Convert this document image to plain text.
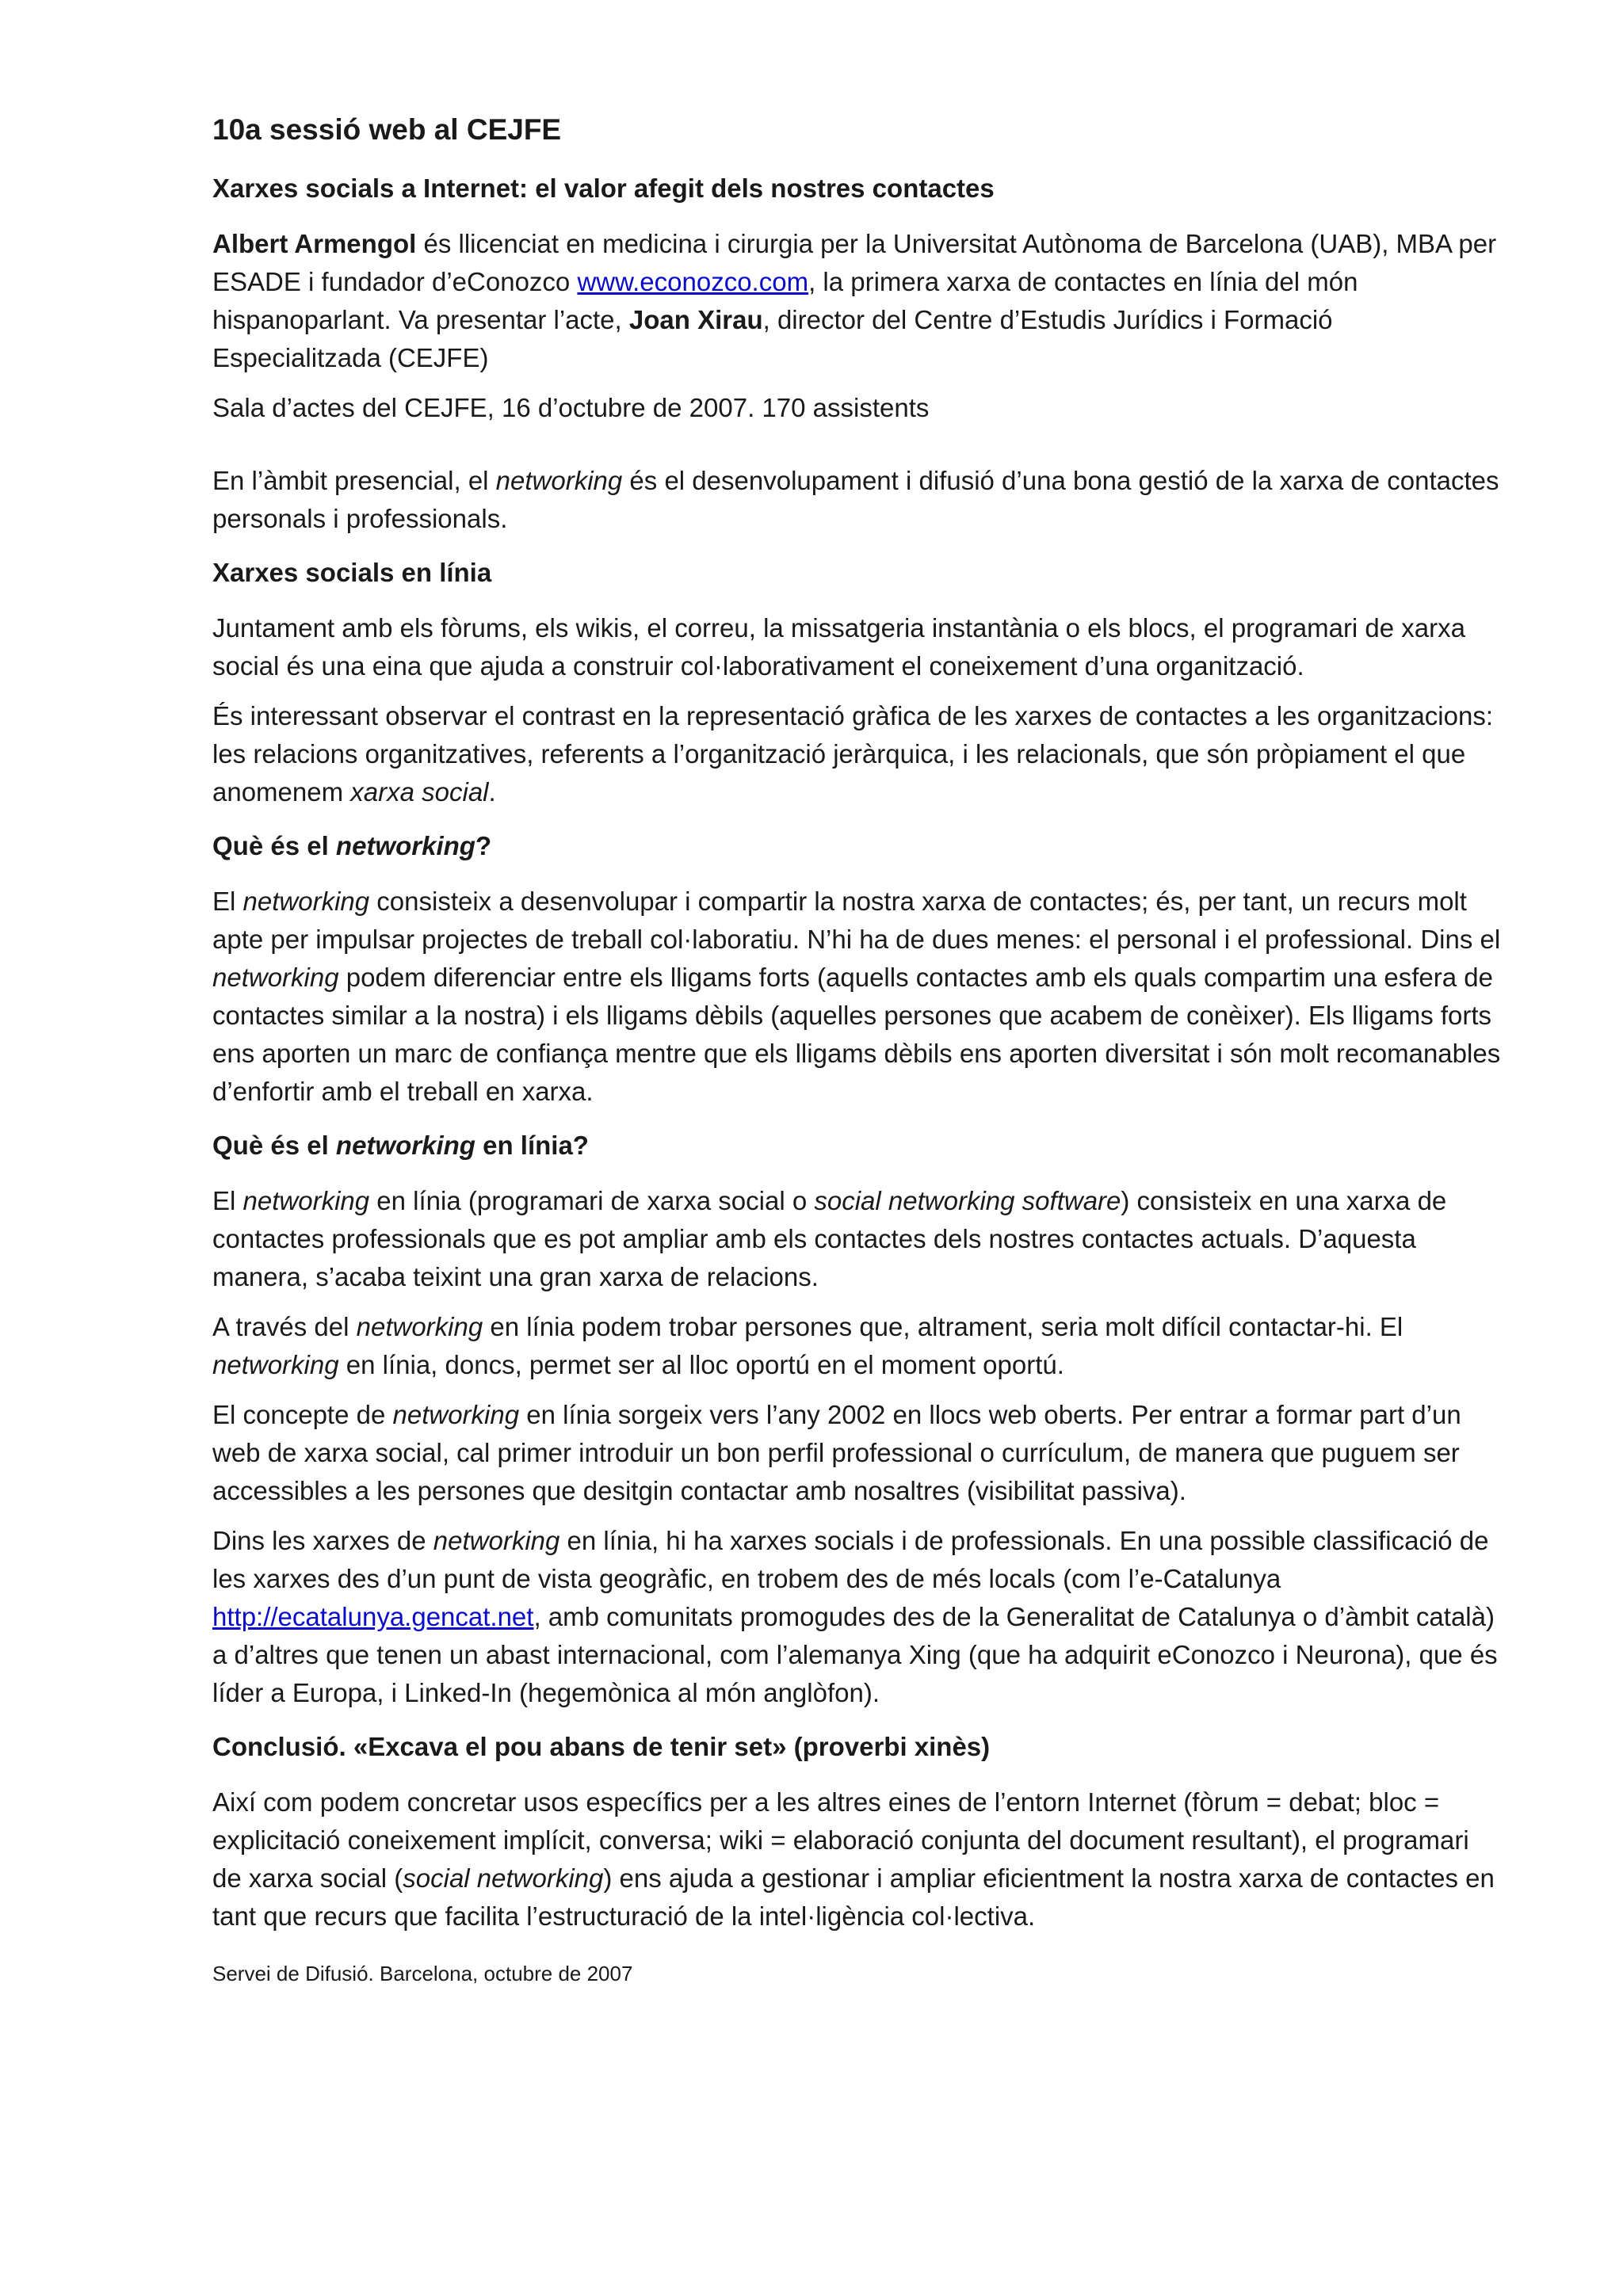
10a sessió web al CEJFE
Xarxes socials a Internet: el valor afegit dels nostres contactes

Albert Armengol és llicenciat en medicina i cirurgia per la Universitat Autònoma de Barcelona (UAB), MBA per ESADE i fundador d’eConozco www.econozco.com, la primera xarxa de contactes en línia del món hispanoparlant. Va presentar l’acte, Joan Xirau, director del Centre d’Estudis Jurídics i Formació Especialitzada (CEJFE)

Sala d’actes del CEJFE, 16 d’octubre de 2007. 170 assistents

En l’àmbit presencial, el networking és el desenvolupament i difusió d’una bona gestió de la xarxa de contactes personals i professionals.

Xarxes socials en línia

Juntament amb els fòrums, els wikis, el correu, la missatgeria instantània o els blocs, el programari de xarxa social és una eina que ajuda a construir col·laborativament el coneixement d’una organització.

És interessant observar el contrast en la representació gràfica de les xarxes de contactes a les organitzacions: les relacions organitzatives, referents a l’organització jeràrquica, i les relacionals, que són pròpiament el que anomenem xarxa social.

Què és el networking?

El networking consisteix a desenvolupar i compartir la nostra xarxa de contactes; és, per tant, un recurs molt apte per impulsar projectes de treball col·laboratiu. N’hi ha de dues menes: el personal i el professional. Dins el networking podem diferenciar entre els lligams forts (aquells contactes amb els quals compartim una esfera de contactes similar a la nostra) i els lligams dèbils (aquelles persones que acabem de conèixer). Els lligams forts ens aporten un marc de confiança mentre que els lligams dèbils ens aporten diversitat i són molt recomanables d’enfortir amb el treball en xarxa.

Què és el networking en línia?

El networking en línia (programari de xarxa social o social networking software) consisteix en una xarxa de contactes professionals que es pot ampliar amb els contactes dels nostres contactes actuals. D’aquesta manera, s’acaba teixint una gran xarxa de relacions.

A través del networking en línia podem trobar persones que, altrament, seria molt difícil contactar-hi. El networking en línia, doncs, permet ser al lloc oportú en el moment oportú.

El concepte de networking en línia sorgeix vers l’any 2002 en llocs web oberts. Per entrar a formar part d’un web de xarxa social, cal primer introduir un bon perfil professional o currículum, de manera que puguem ser accessibles a les persones que desitgin contactar amb nosaltres (visibilitat passiva).

Dins les xarxes de networking en línia, hi ha xarxes socials i de professionals. En una possible classificació de les xarxes des d’un punt de vista geogràfic, en trobem des de més locals (com l’e-Catalunya http://ecatalunya.gencat.net, amb comunitats promogudes des de la Generalitat de Catalunya o d’àmbit català) a d’altres que tenen un abast internacional, com l’alemanya Xing (que ha adquirit eConozco i Neurona), que és líder a Europa, i Linked-In (hegemònica al món anglòfon).

Conclusió. «Excava el pou abans de tenir set» (proverbi xinès)

Així com podem concretar usos específics per a les altres eines de l’entorn Internet (fòrum = debat; bloc = explicitació coneixement implícit, conversa; wiki = elaboració conjunta del document resultant), el programari de xarxa social (social networking) ens ajuda a gestionar i ampliar eficientment la nostra xarxa de contactes en tant que recurs que facilita l’estructuració de la intel·ligència col·lectiva.

Servei de Difusió. Barcelona, octubre de 2007
